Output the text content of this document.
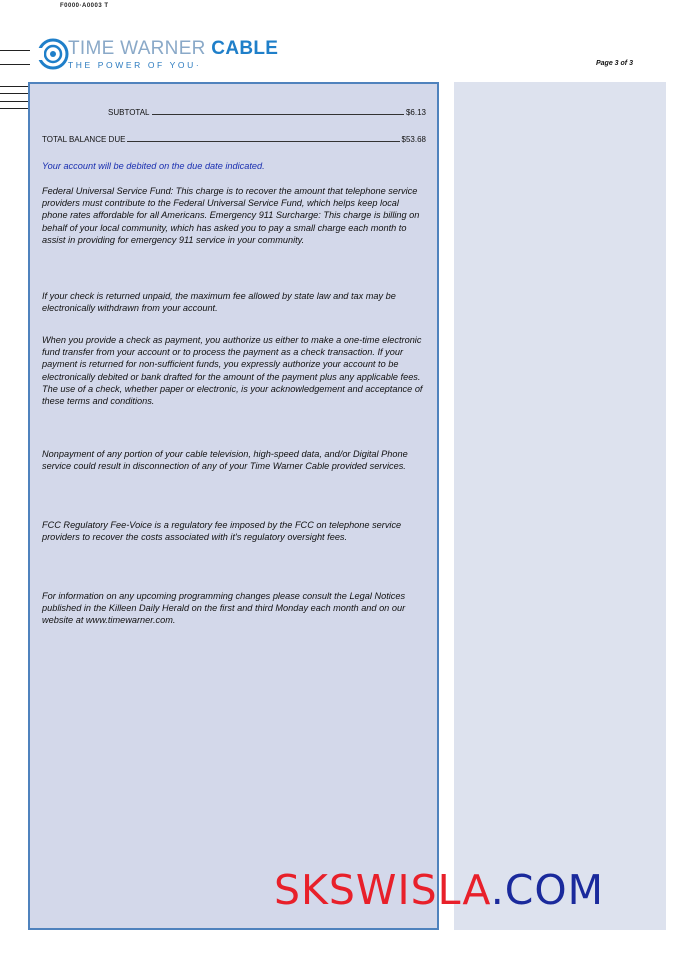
F0000·A0003 T
TIME WARNER CABLE
THE POWER OF YOU·	Page 3 of 3
SUBTOTAL	$6.13
TOTAL BALANCE DUE	$53.68

Your account will be debited on the due date indicated.

Federal Universal Service Fund: This charge is to recover the amount that telephone service providers must contribute to the Federal Universal Service Fund, which helps keep local phone rates affordable for all Americans. Emergency 911 Surcharge: This charge is billing on behalf of your local community, which has asked you to pay a small charge each month to assist in providing for emergency 911 service in your community.

If your check is returned unpaid, the maximum fee allowed by state law and tax may be electronically withdrawn from your account.

When you provide a check as payment, you authorize us either to make a one-time electronic fund transfer from your account or to process the payment as a check transaction. If your payment is returned for non-sufficient funds, you expressly authorize your account to be electronically debited or bank drafted for the amount of the payment plus any applicable fees. The use of a check, whether paper or electronic, is your acknowledgement and acceptance of these terms and conditions.

Nonpayment of any portion of your cable television, high-speed data, and/or Digital Phone service could result in disconnection of any of your Time Warner Cable provided services.

FCC Regulatory Fee-Voice is a regulatory fee imposed by the FCC on telephone service providers to recover the costs associated with it's regulatory oversight fees.

For information on any upcoming programming changes please consult the Legal Notices published in the Killeen Daily Herald on the first and third Monday each month and on our website at www.timewarner.com.

SKSWISLA.COM
